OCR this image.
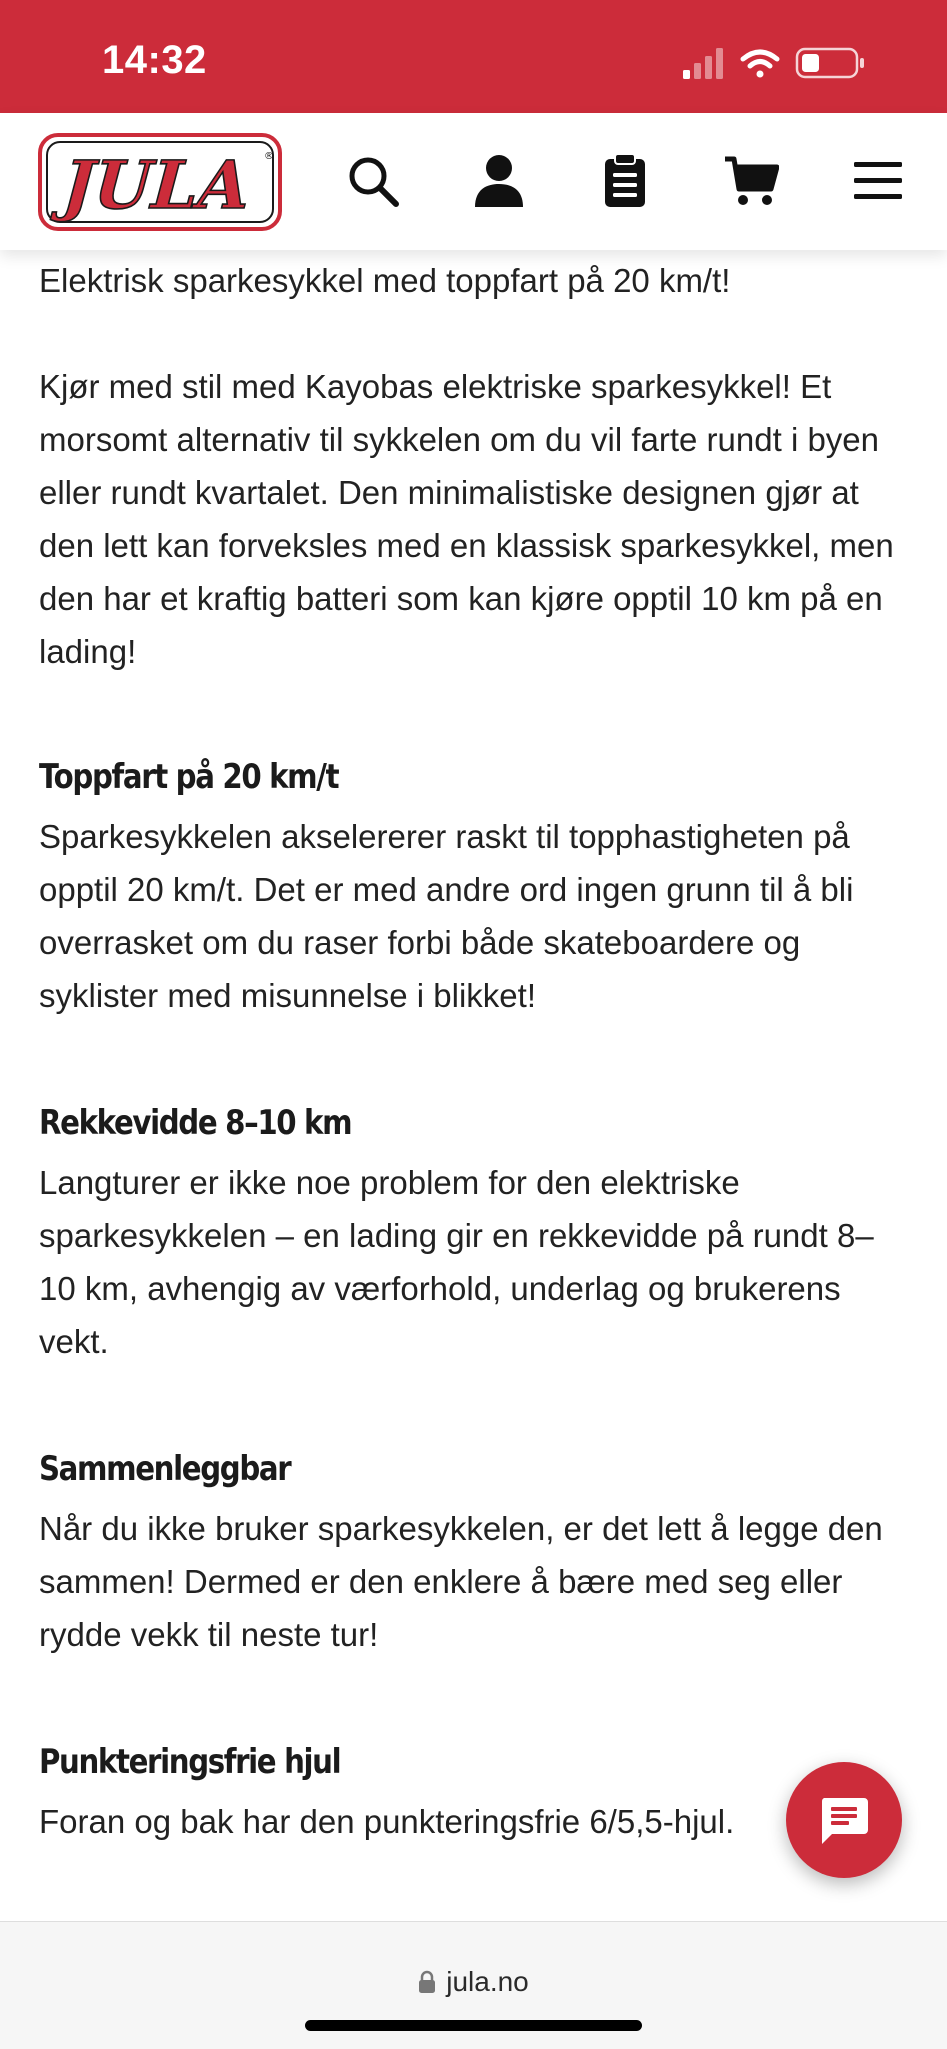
14:32
JULA ®

Elektrisk sparkesykkel med toppfart på 20 km/t!

Kjør med stil med Kayobas elektriske sparkesykkel! Et morsomt alternativ til sykkelen om du vil farte rundt i byen eller rundt kvartalet. Den minimalistiske designen gjør at den lett kan forveksles med en klassisk sparkesykkel, men den har et kraftig batteri som kan kjøre opptil 10 km på en lading!

Toppfart på 20 km/t

Sparkesykkelen akselererer raskt til topphastigheten på opptil 20 km/t. Det er med andre ord ingen grunn til å bli overrasket om du raser forbi både skateboardere og syklister med misunnelse i blikket!

Rekkevidde 8–10 km

Langturer er ikke noe problem for den elektriske sparkesykkelen – en lading gir en rekkevidde på rundt 8–10 km, avhengig av værforhold, underlag og brukerens vekt.

Sammenleggbar

Når du ikke bruker sparkesykkelen, er det lett å legge den sammen! Dermed er den enklere å bære med seg eller rydde vekk til neste tur!

Punkteringsfrie hjul

Foran og bak har den punkteringsfrie 6/5,5-hjul.

jula.no
